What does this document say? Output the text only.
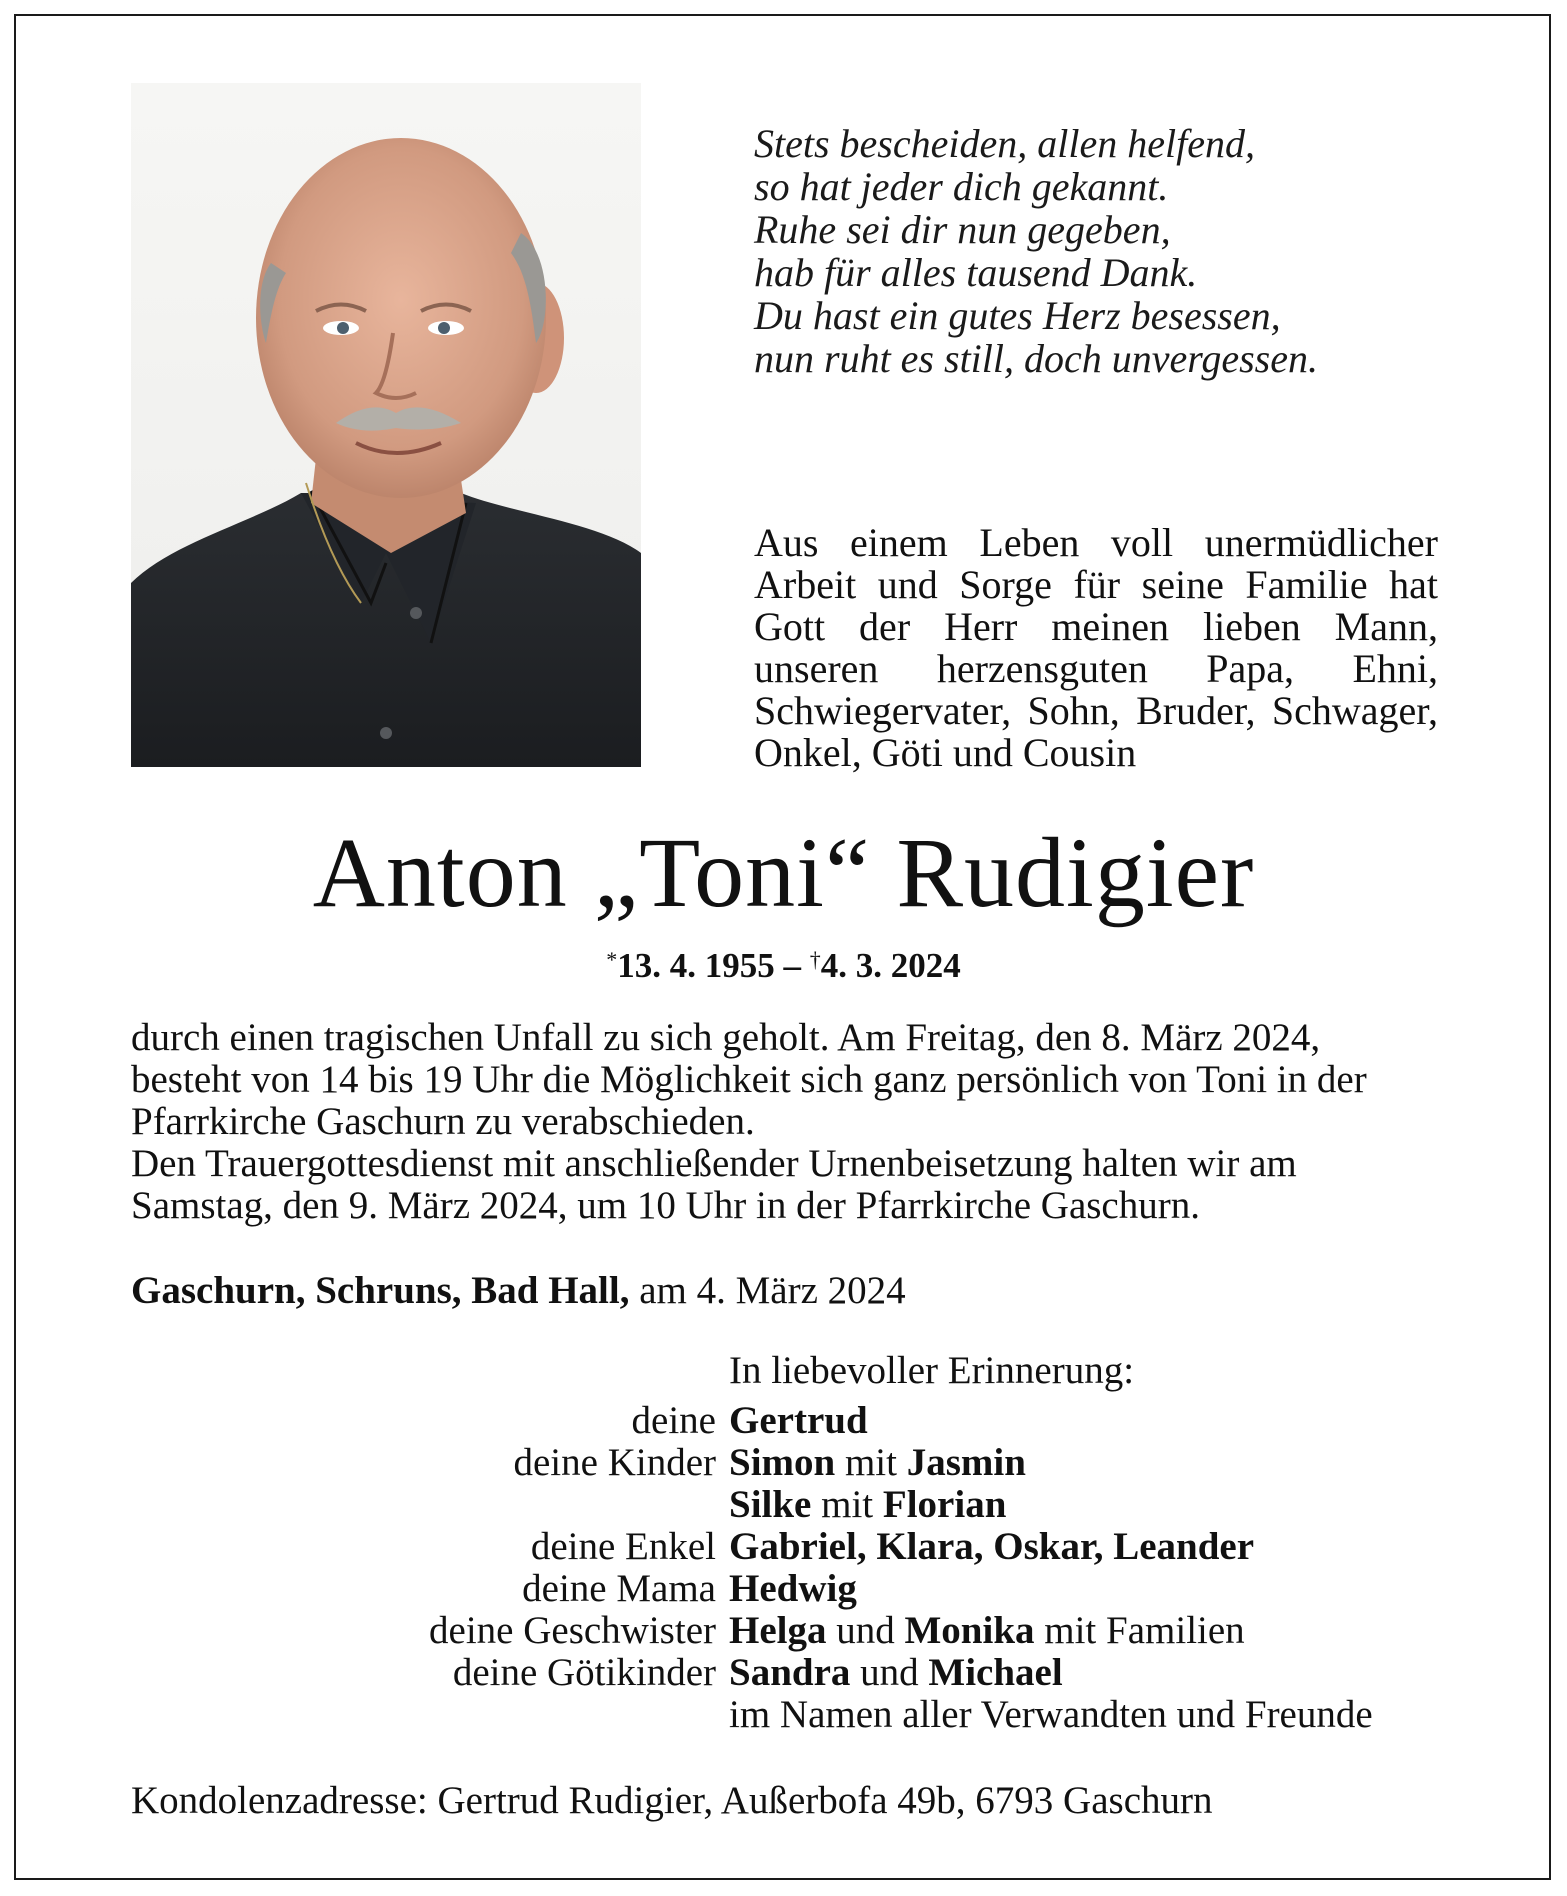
Stets bescheiden, allen helfend,
so hat jeder dich gekannt.
Ruhe sei dir nun gegeben,
hab für alles tausend Dank.
Du hast ein gutes Herz besessen,
nun ruht es still, doch unvergessen.
Aus einem Leben voll unermüdlicher Arbeit und Sorge für seine Familie hat Gott der Herr meinen lieben Mann, unseren herzensguten Papa, Ehni, Schwiegervater, Sohn, Bruder, Schwager, Onkel, Göti und Cousin
Anton „Toni“ Rudigier
*13. 4. 1955 – †4. 3. 2024

durch einen tragischen Unfall zu sich geholt. Am Freitag, den 8. März 2024, besteht von 14 bis 19 Uhr die Möglichkeit sich ganz persönlich von Toni in der Pfarrkirche Gaschurn zu verabschieden.

Den Trauergottesdienst mit anschließender Urnenbeisetzung halten wir am Samstag, den 9. März 2024, um 10 Uhr in der Pfarrkirche Gaschurn.

Gaschurn, Schruns, Bad Hall, am 4. März 2024
In liebevoller Erinnerung:
deine Gertrud
deine Kinder Simon mit Jasmin
Silke mit Florian
deine Enkel Gabriel, Klara, Oskar, Leander
deine Mama Hedwig
deine Geschwister Helga und Monika mit Familien
deine Götikinder Sandra und Michael
im Namen aller Verwandten und Freunde
Kondolenzadresse: Gertrud Rudigier, Außerbofa 49b, 6793 Gaschurn
